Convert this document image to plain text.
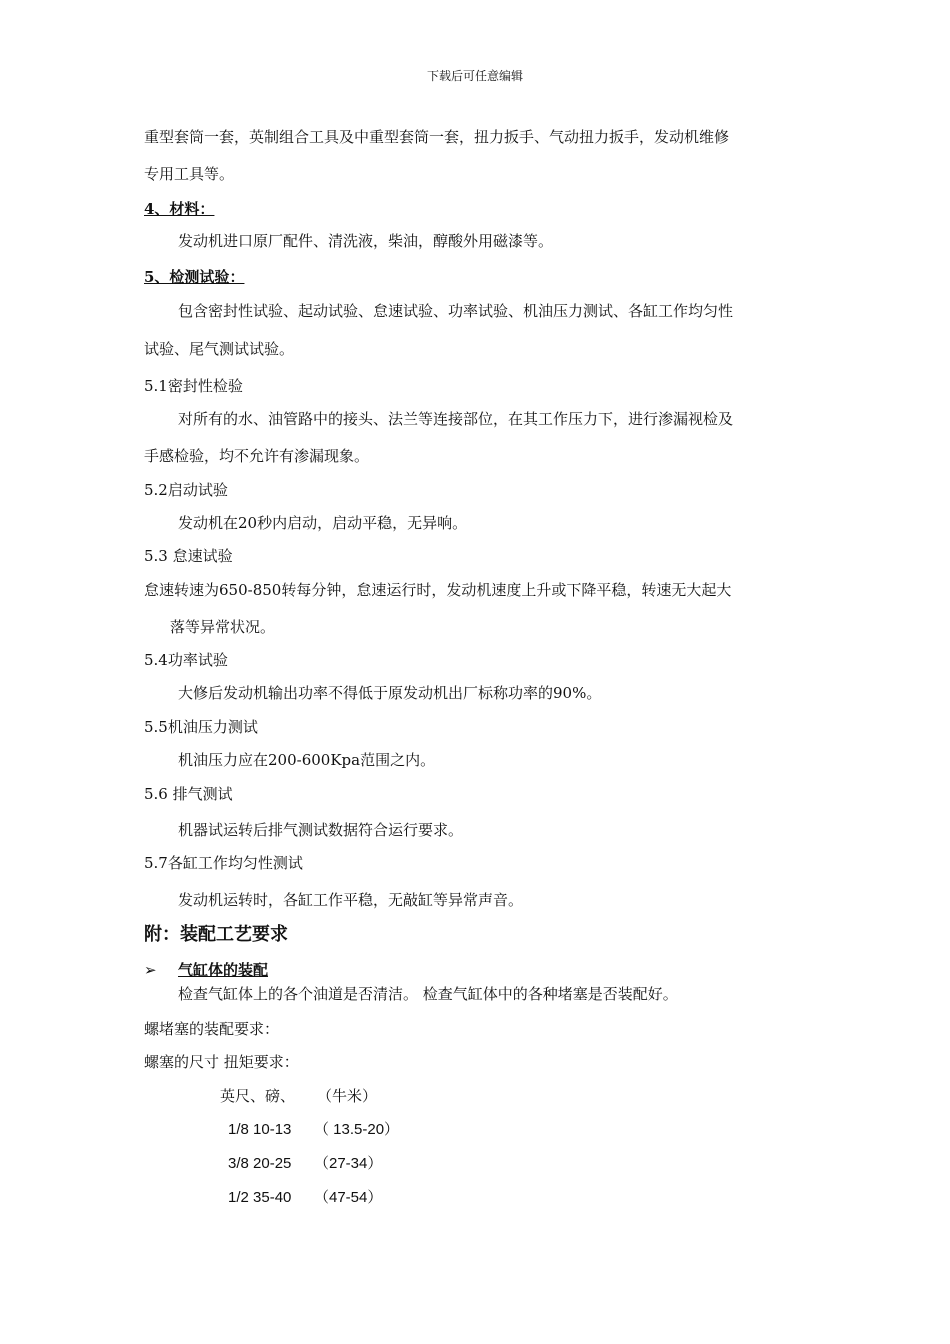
下载后可任意编辑
重型套筒一套，英制组合工具及中重型套筒一套，扭力扳手、气动扭力扳手，发动机维修
专用工具等。
4、材料：
发动机进口原厂配件、清洗液，柴油，醇酸外用磁漆等。
5、检测试验：
包含密封性试验、起动试验、怠速试验、功率试验、机油压力测试、各缸工作均匀性
试验、尾气测试试验。
5.1密封性检验
对所有的水、油管路中的接头、法兰等连接部位，在其工作压力下，进行渗漏视检及
手感检验，均不允许有渗漏现象。
5.2启动试验
发动机在20秒内启动，启动平稳，无异响。
5.3 怠速试验
怠速转速为650-850转每分钟，怠速运行时，发动机速度上升或下降平稳，转速无大起大
落等异常状况。
5.4功率试验
大修后发动机输出功率不得低于原发动机出厂标称功率的90%。
5.5机油压力测试
机油压力应在200-600Kpa范围之内。
5.6 排气测试
机器试运转后排气测试数据符合运行要求。
5.7各缸工作均匀性测试
发动机运转时，各缸工作平稳，无敲缸等异常声音。
附：装配工艺要求
➢ 气缸体的装配
检查气缸体上的各个油道是否清洁。 检查气缸体中的各种堵塞是否装配好。
螺堵塞的装配要求：
螺塞的尺寸 扭矩要求：
英尺、磅、 （牛米）
1/8 10-13 （ 13.5-20）
3/8 20-25 （27-34）
1/2 35-40 （47-54）
